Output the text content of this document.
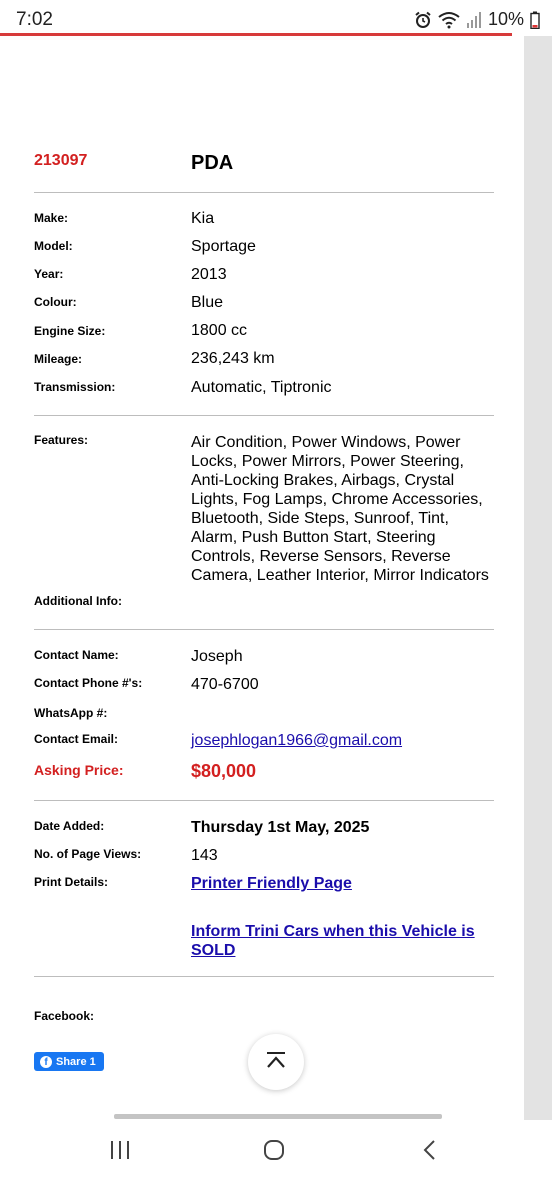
7:02	10%
213097	PDA
Make:	Kia
Model:	Sportage
Year:	2013
Colour:	Blue
Engine Size:	1800 cc
Mileage:	236,243 km
Transmission:	Automatic, Tiptronic
Features:	Air Condition, Power Windows, Power
Locks, Power Mirrors, Power Steering,
Anti-Locking Brakes, Airbags, Crystal
Lights, Fog Lamps, Chrome Accessories,
Bluetooth, Side Steps, Sunroof, Tint,
Alarm, Push Button Start, Steering
Controls, Reverse Sensors, Reverse
Camera, Leather Interior, Mirror Indicators
Additional Info:
Contact Name:	Joseph
Contact Phone #'s:	470-6700
WhatsApp #:
Contact Email:	josephlogan1966@gmail.com
Asking Price:	$80,000
Date Added:	Thursday 1st May, 2025
No. of Page Views:	143
Print Details:	Printer Friendly Page
Inform Trini Cars when this Vehicle is
SOLD
Facebook:
f Share 1
